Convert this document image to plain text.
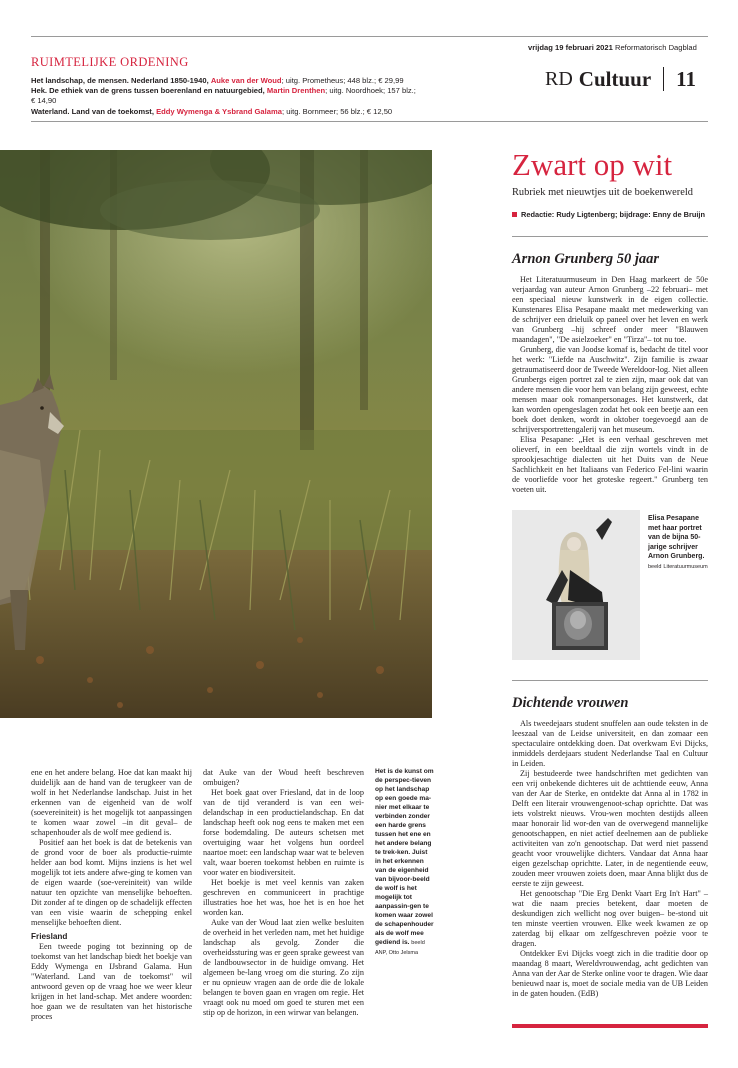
RUIMTELIJKE ORDENING
Het landschap, de mensen. Nederland 1850-1940, Auke van der Woud; uitg. Prometheus; 448 blz.; € 29,99
Hek. De ethiek van de grens tussen boerenland en natuurgebied, Martin Drenthen; uitg. Noordhoek; 157 blz.; € 14,90
Waterland. Land van de toekomst, Eddy Wymenga & Ysbrand Galama; uitg. Bornmeer; 56 blz.; € 12,50
vrijdag 19 februari 2021 Reformatorisch Dagblad
RD Cultuur 11
Zwart op wit
Rubriek met nieuwtjes uit de boekenwereld
Redactie: Rudy Ligtenberg; bijdrage: Enny de Bruijn
Arnon Grunberg 50 jaar

Het Literatuurmuseum in Den Haag markeert de 50e verjaardag van auteur Arnon Grunberg –22 februari– met een speciaal nieuw kunstwerk in de eigen collectie. Kunstenares Elisa Pesapane maakt met medewerking van de schrijver een drieluik op paneel over het leven en werk van Grunberg –hij schreef onder meer "Blauwen maandagen", "De asielzoeker" en "Tirza"– tot nu toe.

Grunberg, die van Joodse komaf is, bedacht de titel voor het werk: "Liefde na Auschwitz". Zijn familie is zwaar getraumatiseerd door de Tweede Wereldoor-log. Niet alleen Grunbergs eigen portret zal te zien zijn, maar ook dat van andere mensen die voor hem van belang zijn geweest, echte mensen maar ook romanpersonages. Het kunstwerk, dat kan worden opengeslagen zodat het ook een beetje aan een boek doet denken, wordt in oktober toegevoegd aan de schrijversportrettengalerij van het museum.

Elisa Pesapane: „Het is een verhaal geschreven met olieverf, in een beeldtaal die zijn wortels vindt in de sprookjesachtige dialecten uit het Duits van de Neue Sachlichkeit en het Italiaans van Federico Fel-lini waarin de voorliefde voor het groteske regeert." Grunberg ten voeten uit.

Elisa Pesapane met haar portret van de bijna 50-jarige schrijver Arnon Grunberg. beeld Literatuurmuseum
Dichtende vrouwen

Als tweedejaars student snuffelen aan oude teksten in de leeszaal van de Leidse universiteit, en dan zomaar een spectaculaire ontdekking doen. Dat overkwam Evi Dijcks, inmiddels derdejaars student Nederlandse Taal en Cultuur in Leiden.

Zij bestudeerde twee handschriften met gedichten van een vrij onbekende dichteres uit de achttiende eeuw, Anna van der Aar de Sterke, en ontdekte dat Anna al in 1782 in Delft een literair vrouwengenoot-schap oprichtte. Dat was iets volstrekt nieuws. Vrou-wen mochten destijds alleen maar honorair lid wor-den van de overwegend mannelijke genootschappen, en niet actief deelnemen aan de publieke activiteiten van zo'n genootschap. Dat werd niet passend geacht voor vrouwelijke dichters. Vandaar dat Anna haar eigen gezelschap oprichtte. Later, in de negentiende eeuw, zouden meer vrouwen zoiets doen, maar Anna blijkt dus de eerste te zijn geweest.

Het genootschap "Die Erg Denkt Vaart Erg In't Hart" –wat die naam precies betekent, daar moeten de deskundigen zich wellicht nog over buigen– be-stond uit ten minste veertien vrouwen. Elke week kwamen ze op zaterdag bij elkaar om zelfgeschreven poëzie voor te dragen.

Ontdekker Evi Dijcks voegt zich in die traditie door op maandag 8 maart, Wereldvrouwendag, acht gedichten van Anna van der Aar de Sterke online voor te dragen. Wie daar benieuwd naar is, moet de sociale media van de UB Leiden in de gaten houden. (EdB)

ene en het andere belang. Hoe dat kan maakt hij duidelijk aan de hand van de terugkeer van de wolf in het Nederlandse landschap. Juist in het erkennen van de eigenheid van de wolf (soevereiniteit) is het mogelijk tot aanpassingen te komen waar zowel –in dit geval– de schapenhouder als de wolf mee gediend is.

Positief aan het boek is dat de betekenis van de grond voor de boer als productie-ruimte helder aan bod komt. Mijns inziens is het wel mogelijk tot iets andere afwe-ging te komen van de eigen waarde (soe-vereiniteit) van wilde natuur ten opzichte van menselijke behoeften. Dit zonder af te dingen op de schadelijk effecten van een visie waarin de schepping enkel menselijke behoeften dient.

Friesland

Een tweede poging tot bezinning op de toekomst van het landschap biedt het boekje van Eddy Wymenga en IJsbrand Galama. Hun "Waterland. Land van de toekomst" wil antwoord geven op de vraag hoe we weer kleur krijgen in het land-schap. Met andere woorden: hoe gaan we de resultaten van het historische proces

dat Auke van der Woud heeft beschreven ombuigen?

Het boek gaat over Friesland, dat in de loop van de tijd veranderd is van een wei-delandschap in een productielandschap. En dat landschap heeft ook nog eens te maken met een forse bodemdaling. De auteurs schetsen met overtuiging waar het volgens hun oordeel naartoe moet: een landschap waar wat te beleven valt, waar boeren toekomst hebben en ruimte is voor water en biodiversiteit.

Het boekje is met veel kennis van zaken geschreven en communiceert in prachtige illustraties hoe het was, hoe het is en hoe het worden kan.

Auke van der Woud laat zien welke besluiten de overheid in het verleden nam, met het huidige landschap als gevolg. Zonder die overheidssturing was er geen sprake geweest van de landbouwsector in de huidige omvang. Het algemeen be-lang vroeg om die sturing. Zo zijn er nu opnieuw vragen aan de orde die de lokale belangen te boven gaan en vragen om regie. Het vraagt ook nu moed om goed te sturen met een stip op de horizon, in een wirwar van belangen.

Het is de kunst om de perspec-tieven op het landschap op een goede ma-nier met elkaar te verbinden zonder een harde grens tussen het ene en het andere belang te trek-ken. Juist in het erkennen van de eigenheid van bijvoor-beeld de wolf is het mogelijk tot aanpassin-gen te komen waar zowel de schapenhouder als de wolf mee gediend is. beeld ANP, Otto Jelsma
